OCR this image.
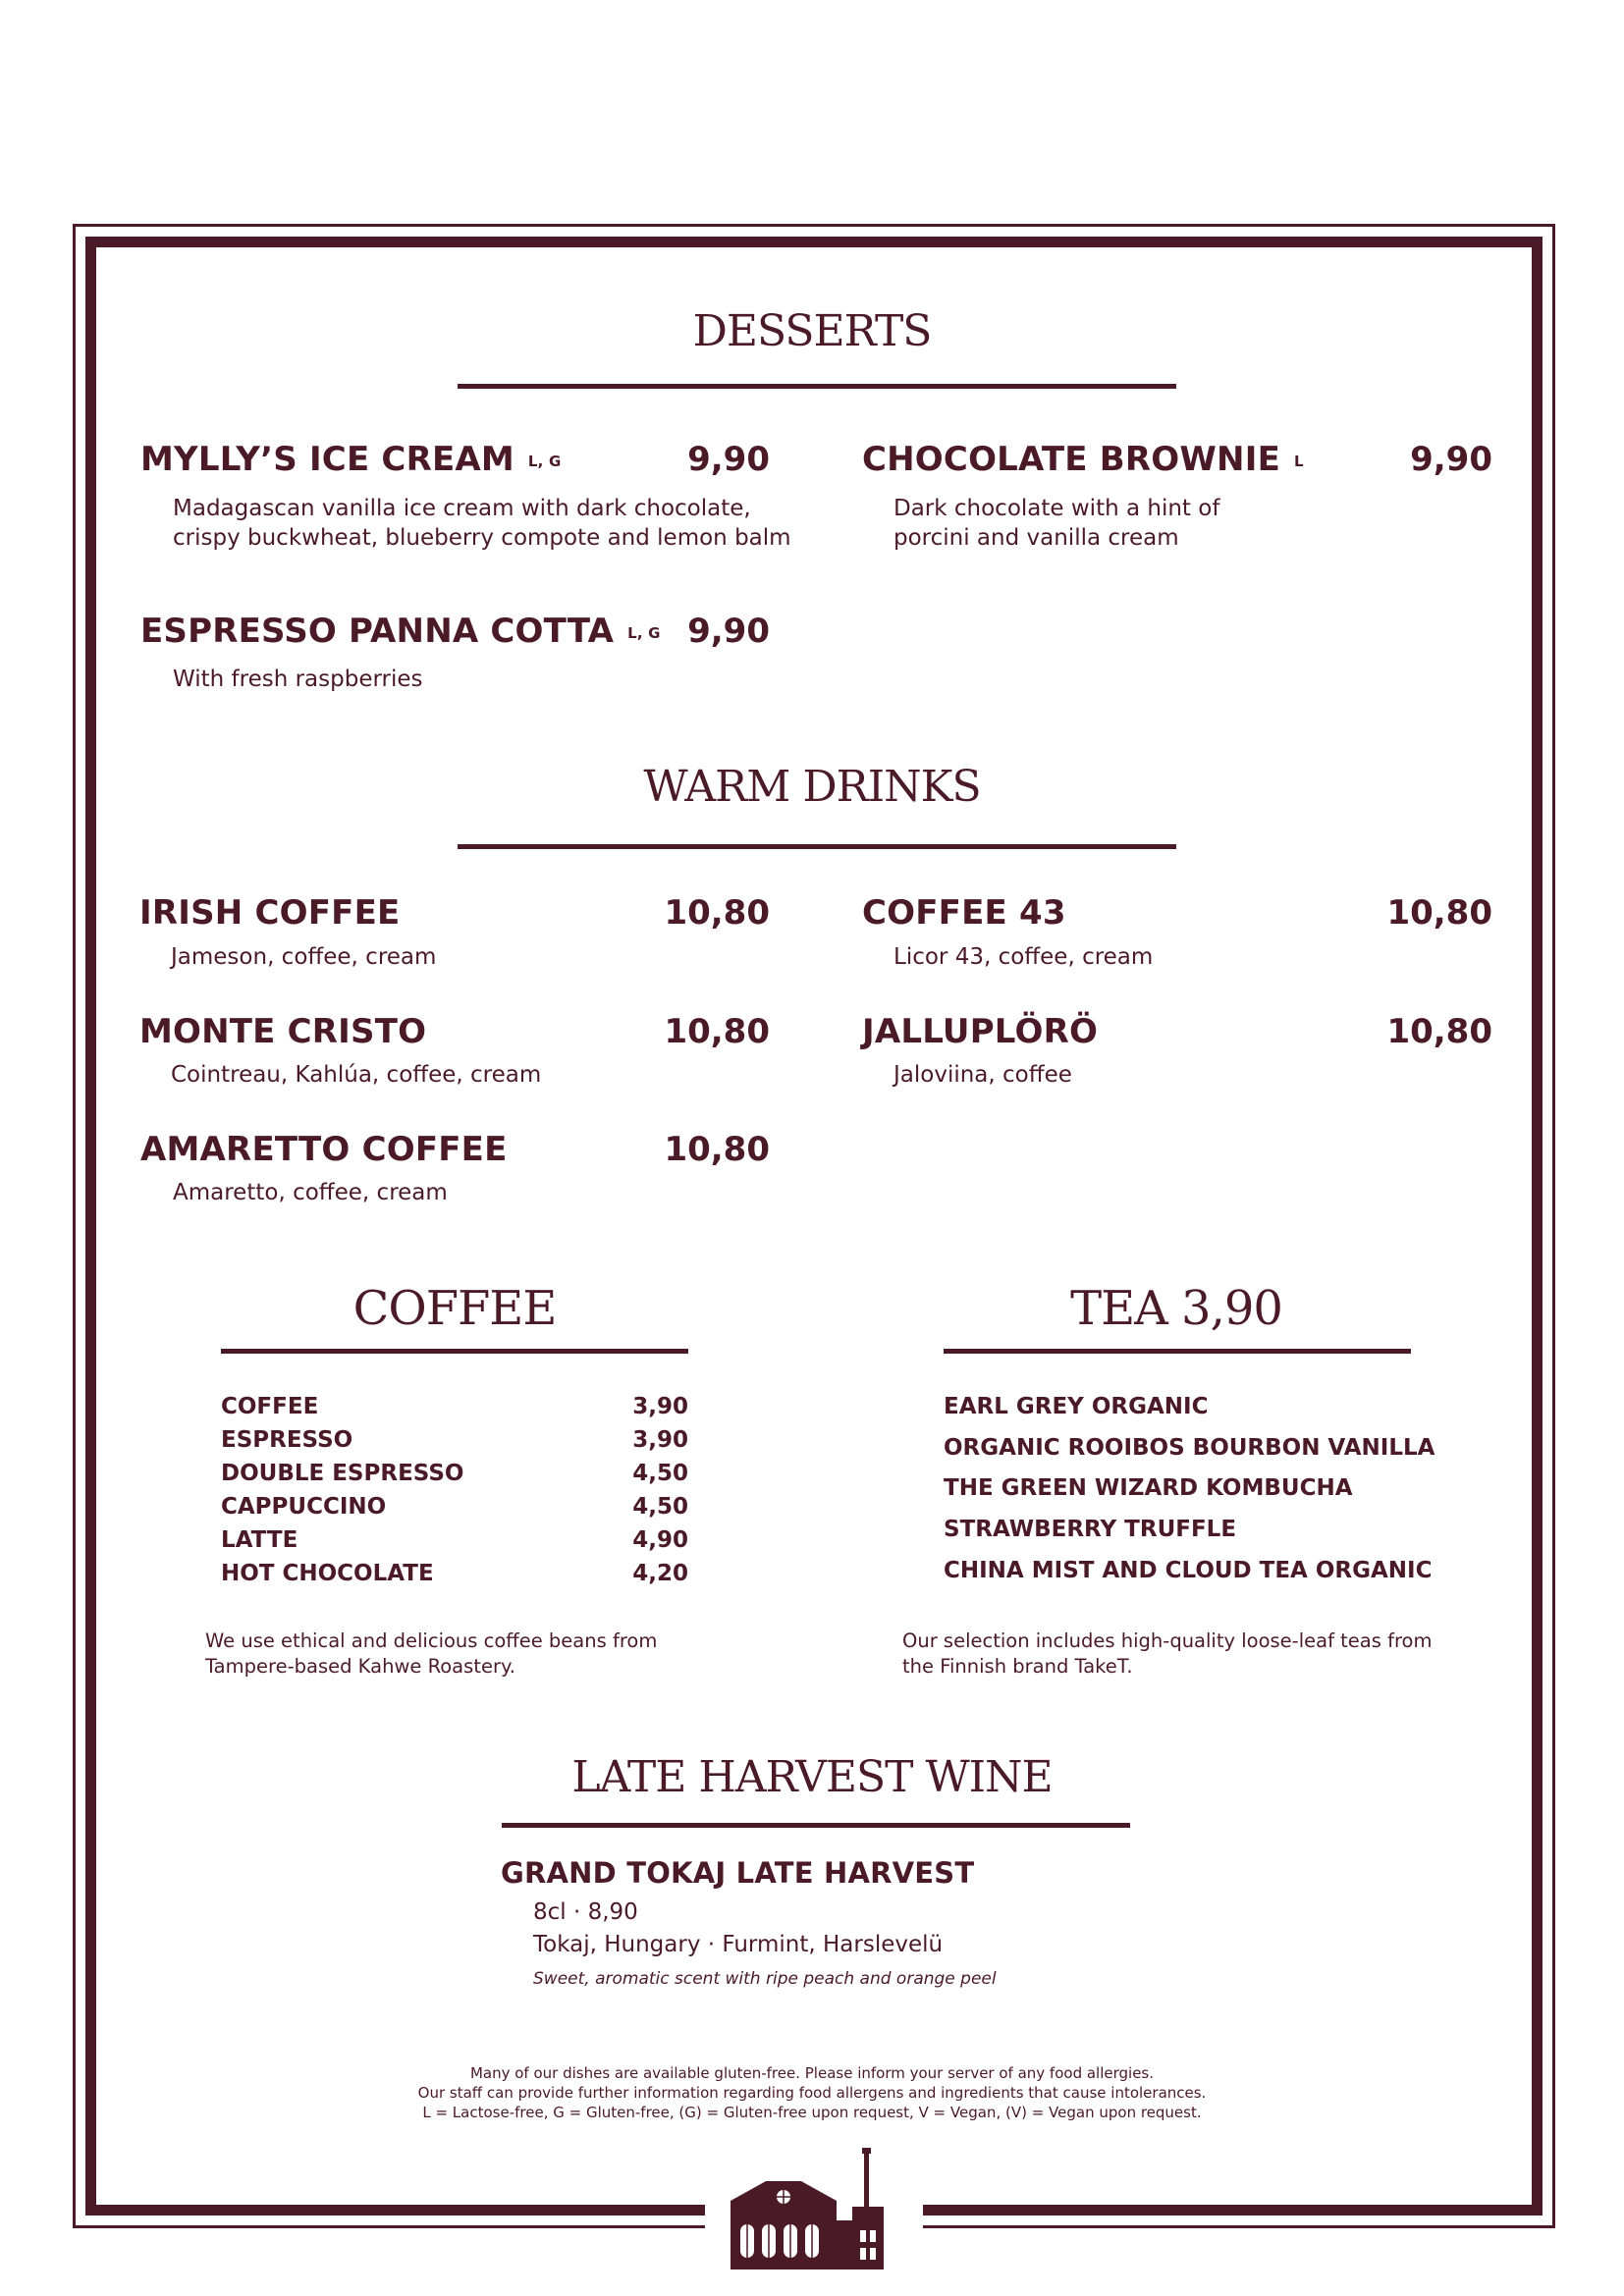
DESSERTS
MYLLY’S ICE CREAM L, G	9,90
Madagascan vanilla ice cream with dark chocolate,
crispy buckwheat, blueberry compote and lemon balm
CHOCOLATE BROWNIE L	9,90
Dark chocolate with a hint of
porcini and vanilla cream
ESPRESSO PANNA COTTA L, G 9,90
With fresh raspberries
WARM DRINKS
IRISH COFFEE	10,80
Jameson, coffee, cream
COFFEE 43	10,80
Licor 43, coffee, cream
MONTE CRISTO	10,80
Cointreau, Kahlúa, coffee, cream
JALLUPLÖRÖ	10,80
Jaloviina, coffee
AMARETTO COFFEE	10,80
Amaretto, coffee, cream
COFFEE
COFFEE	3,90
ESPRESSO	3,90
DOUBLE ESPRESSO	4,50
CAPPUCCINO	4,50
LATTE	4,90
HOT CHOCOLATE	4,20
We use ethical and delicious coffee beans from
Tampere-based Kahwe Roastery.
TEA 3,90
EARL GREY ORGANIC
ORGANIC ROOIBOS BOURBON VANILLA
THE GREEN WIZARD KOMBUCHA
STRAWBERRY TRUFFLE
CHINA MIST AND CLOUD TEA ORGANIC
Our selection includes high-quality loose-leaf teas from
the Finnish brand TakeT.
LATE HARVEST WINE
GRAND TOKAJ LATE HARVEST
8cl · 8,90
Tokaj, Hungary · Furmint, Harslevelü
Sweet, aromatic scent with ripe peach and orange peel
Many of our dishes are available gluten-free. Please inform your server of any food allergies.
Our staff can provide further information regarding food allergens and ingredients that cause intolerances.
L = Lactose-free, G = Gluten-free, (G) = Gluten-free upon request, V = Vegan, (V) = Vegan upon request.
